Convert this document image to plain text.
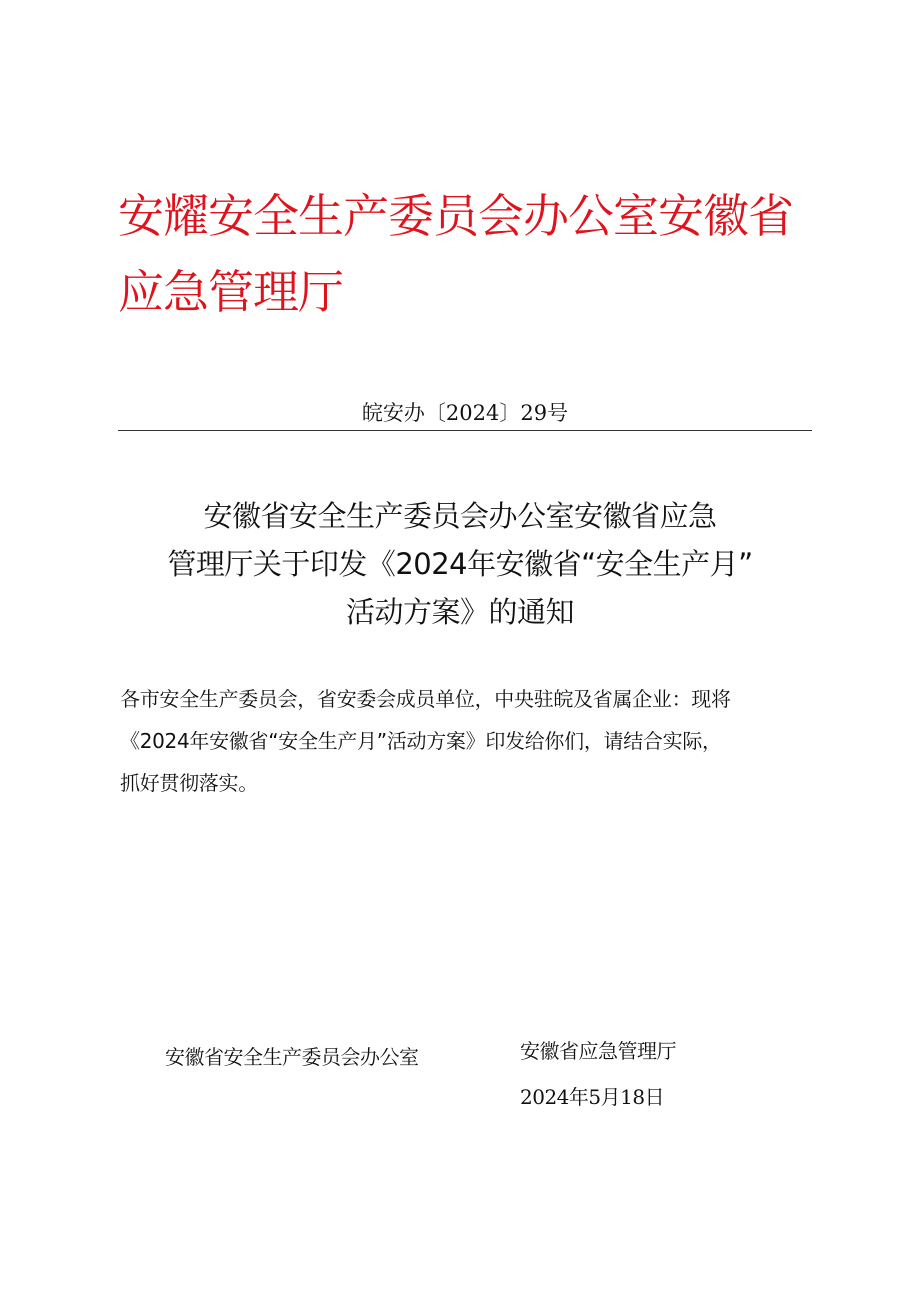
安耀安全生产委员会办公室安徽省应急管理厅
皖安办〔2024〕29号
安徽省安全生产委员会办公室安徽省应急
管理厅关于印发《2024年安徽省“安全生产月”
活动方案》的通知

各市安全生产委员会，省安委会成员单位，中央驻皖及省属企业：现将
《2024年安徽省“安全生产月”活动方案》印发给你们，请结合实际，
抓好贯彻落实。

安徽省安全生产委员会办公室	安徽省应急管理厅
2024年5月18日
